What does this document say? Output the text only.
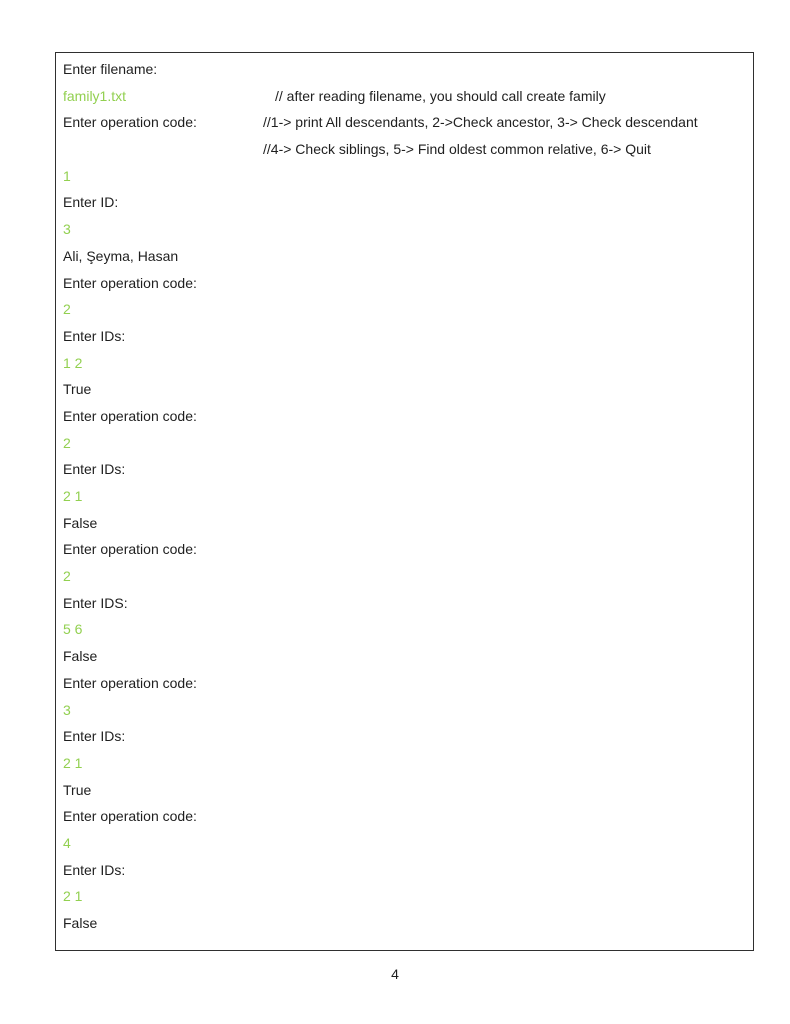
Enter filename:
family1.txt	// after reading filename, you should call create family
Enter operation code:	//1-> print All descendants, 2->Check ancestor, 3-> Check descendant
//4-> Check siblings, 5-> Find oldest common relative, 6-> Quit
1
Enter ID:
3
Ali, Şeyma, Hasan
Enter operation code:
2
Enter IDs:
1 2
True
Enter operation code:
2
Enter IDs:
2 1
False
Enter operation code:
2
Enter IDS:
5 6
False
Enter operation code:
3
Enter IDs:
2 1
True
Enter operation code:
4
Enter IDs:
2 1
False
4
